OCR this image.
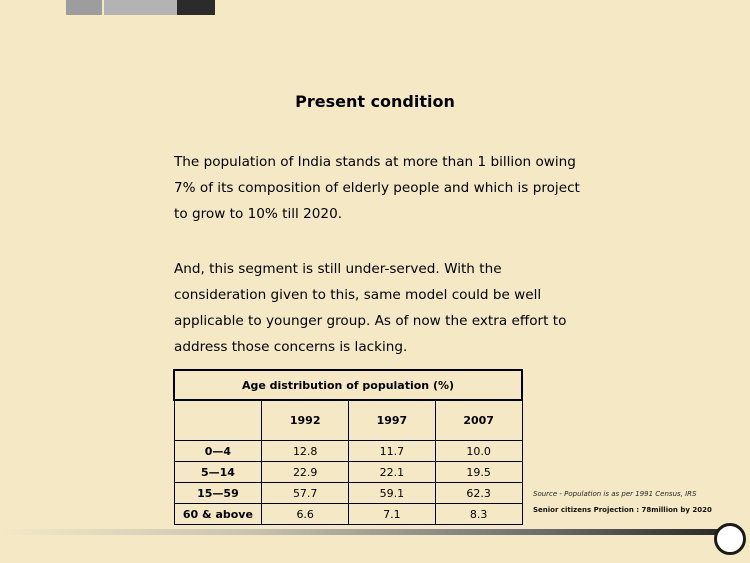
Present condition

The population of India stands at more than 1 billion owing 7% of its composition of elderly people and which is project to grow to 10% till 2020.

And, this segment is still under-served. With the consideration given to this, same model could be well applicable to younger group. As of now the extra effort to address those concerns is lacking.

Age distribution of population (%)			
	1992	1997	2007
0—4	12.8	11.7	10.0
5—14	22.9	22.1	19.5
15—59	57.7	59.1	62.3
60 & above	6.6	7.1	8.3
Source - Population is as per 1991 Census, IRS
Senior citizens Projection : 78million by 2020
